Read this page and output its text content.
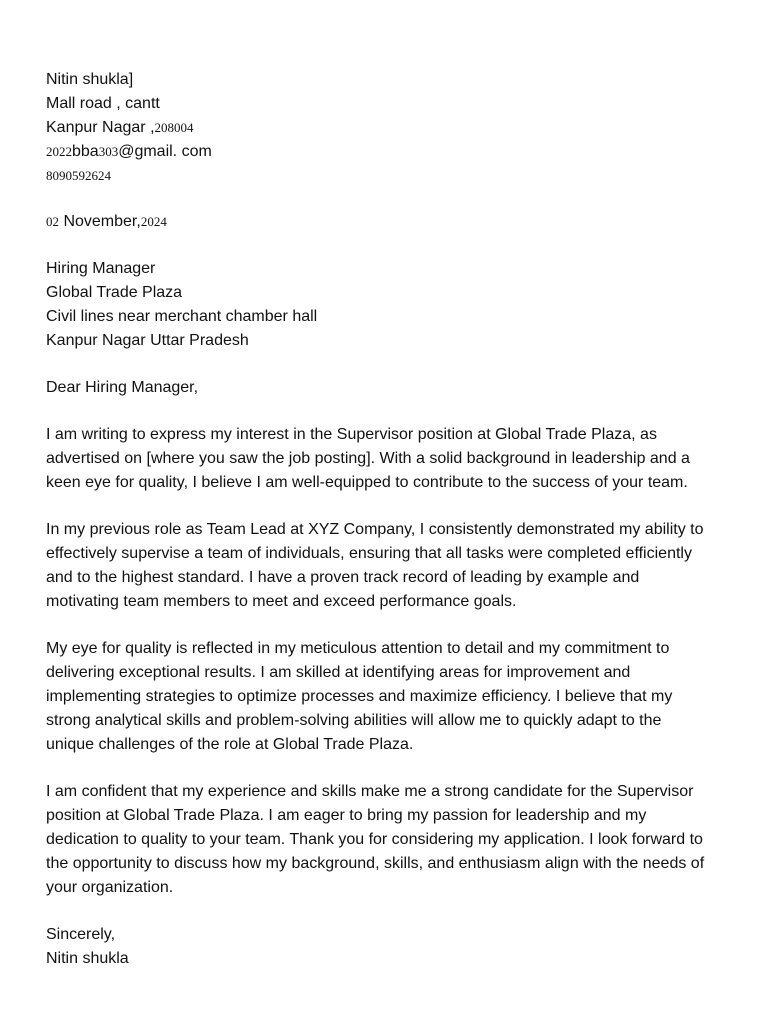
Nitin shukla]

Mall road , cantt

Kanpur Nagar ,208004

2022bba303@gmail. com

8090592624

02 November,2024

Hiring Manager

Global Trade Plaza

Civil lines near merchant chamber hall

Kanpur Nagar Uttar Pradesh

Dear Hiring Manager,

I am writing to express my interest in the Supervisor position at Global Trade Plaza, as
advertised on [where you saw the job posting]. With a solid background in leadership and a
keen eye for quality, I believe I am well-equipped to contribute to the success of your team.

In my previous role as Team Lead at XYZ Company, I consistently demonstrated my ability to
effectively supervise a team of individuals, ensuring that all tasks were completed efficiently
and to the highest standard. I have a proven track record of leading by example and
motivating team members to meet and exceed performance goals.

My eye for quality is reflected in my meticulous attention to detail and my commitment to
delivering exceptional results. I am skilled at identifying areas for improvement and
implementing strategies to optimize processes and maximize efficiency. I believe that my
strong analytical skills and problem-solving abilities will allow me to quickly adapt to the
unique challenges of the role at Global Trade Plaza.

I am confident that my experience and skills make me a strong candidate for the Supervisor
position at Global Trade Plaza. I am eager to bring my passion for leadership and my
dedication to quality to your team. Thank you for considering my application. I look forward to
the opportunity to discuss how my background, skills, and enthusiasm align with the needs of
your organization.

Sincerely,

Nitin shukla
